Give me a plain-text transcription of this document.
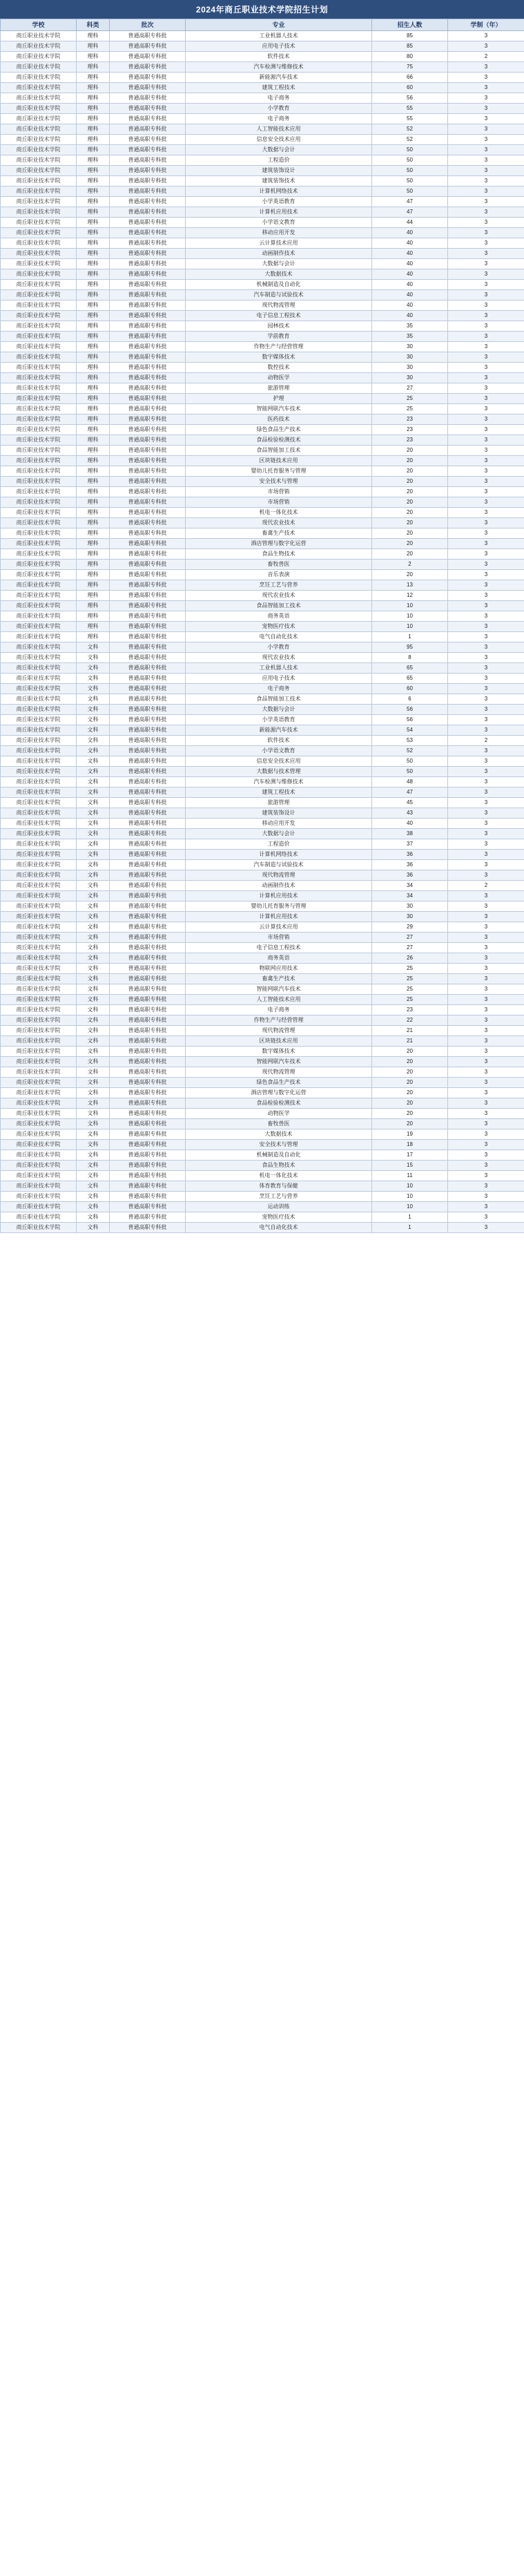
2024年商丘职业技术学院招生计划
学校	科类	批次	专业	招生人数	学制（年）
商丘职业技术学院	理科	普通高职专科批	工业机器人技术	85	3
商丘职业技术学院	理科	普通高职专科批	应用电子技术	85	3
商丘职业技术学院	理科	普通高职专科批	软件技术	80	2
商丘职业技术学院	理科	普通高职专科批	汽车检测与维修技术	75	3
商丘职业技术学院	理科	普通高职专科批	新能源汽车技术	66	3
商丘职业技术学院	理科	普通高职专科批	建筑工程技术	60	3
商丘职业技术学院	理科	普通高职专科批	电子商务	56	3
商丘职业技术学院	理科	普通高职专科批	小学教育	55	3
商丘职业技术学院	理科	普通高职专科批	电子商务	55	3
商丘职业技术学院	理科	普通高职专科批	人工智能技术应用	52	3
商丘职业技术学院	理科	普通高职专科批	信息安全技术应用	52	3
商丘职业技术学院	理科	普通高职专科批	大数据与会计	50	3
商丘职业技术学院	理科	普通高职专科批	工程造价	50	3
商丘职业技术学院	理科	普通高职专科批	建筑装饰设计	50	3
商丘职业技术学院	理科	普通高职专科批	建筑装饰技术	50	3
商丘职业技术学院	理科	普通高职专科批	计算机网络技术	50	3
商丘职业技术学院	理科	普通高职专科批	小学英语教育	47	3
商丘职业技术学院	理科	普通高职专科批	计算机应用技术	47	3
商丘职业技术学院	理科	普通高职专科批	小学语文教育	44	3
商丘职业技术学院	理科	普通高职专科批	移动应用开发	40	3
商丘职业技术学院	理科	普通高职专科批	云计算技术应用	40	3
商丘职业技术学院	理科	普通高职专科批	动画制作技术	40	3
商丘职业技术学院	理科	普通高职专科批	大数据与会计	40	3
商丘职业技术学院	理科	普通高职专科批	大数据技术	40	3
商丘职业技术学院	理科	普通高职专科批	机械制造及自动化	40	3
商丘职业技术学院	理科	普通高职专科批	汽车制造与试验技术	40	3
商丘职业技术学院	理科	普通高职专科批	现代物流管理	40	3
商丘职业技术学院	理科	普通高职专科批	电子信息工程技术	40	3
商丘职业技术学院	理科	普通高职专科批	园林技术	35	3
商丘职业技术学院	理科	普通高职专科批	学前教育	35	3
商丘职业技术学院	理科	普通高职专科批	作物生产与经营管理	30	3
商丘职业技术学院	理科	普通高职专科批	数字媒体技术	30	3
商丘职业技术学院	理科	普通高职专科批	数控技术	30	3
商丘职业技术学院	理科	普通高职专科批	动物医学	30	3
商丘职业技术学院	理科	普通高职专科批	旅游管理	27	3
商丘职业技术学院	理科	普通高职专科批	护理	25	3
商丘职业技术学院	理科	普通高职专科批	智能网联汽车技术	25	3
商丘职业技术学院	理科	普通高职专科批	医药技术	23	3
商丘职业技术学院	理科	普通高职专科批	绿色食品生产技术	23	3
商丘职业技术学院	理科	普通高职专科批	食品检验检测技术	23	3
商丘职业技术学院	理科	普通高职专科批	食品智能加工技术	20	3
商丘职业技术学院	理科	普通高职专科批	区块链技术应用	20	3
商丘职业技术学院	理科	普通高职专科批	婴幼儿托育服务与管理	20	3
商丘职业技术学院	理科	普通高职专科批	安全技术与管理	20	3
商丘职业技术学院	理科	普通高职专科批	市场营销	20	3
商丘职业技术学院	理科	普通高职专科批	市场营销	20	3
商丘职业技术学院	理科	普通高职专科批	机电一体化技术	20	3
商丘职业技术学院	理科	普通高职专科批	现代农业技术	20	3
商丘职业技术学院	理科	普通高职专科批	畜禽生产技术	20	3
商丘职业技术学院	理科	普通高职专科批	酒店管理与数字化运营	20	3
商丘职业技术学院	理科	普通高职专科批	食品生物技术	20	3
商丘职业技术学院	理科	普通高职专科批	畜牧兽医	2	3
商丘职业技术学院	理科	普通高职专科批	音乐表演	20	3
商丘职业技术学院	理科	普通高职专科批	烹饪工艺与营养	13	3
商丘职业技术学院	理科	普通高职专科批	现代农业技术	12	3
商丘职业技术学院	理科	普通高职专科批	食品智能加工技术	10	3
商丘职业技术学院	理科	普通高职专科批	商务英语	10	3
商丘职业技术学院	理科	普通高职专科批	宠物医疗技术	10	3
商丘职业技术学院	理科	普通高职专科批	电气自动化技术	1	3
商丘职业技术学院	文科	普通高职专科批	小学教育	95	3
商丘职业技术学院	文科	普通高职专科批	现代农业技术	8	3
商丘职业技术学院	文科	普通高职专科批	工业机器人技术	65	3
商丘职业技术学院	文科	普通高职专科批	应用电子技术	65	3
商丘职业技术学院	文科	普通高职专科批	电子商务	60	3
商丘职业技术学院	文科	普通高职专科批	食品智能加工技术	6	3
商丘职业技术学院	文科	普通高职专科批	大数据与会计	56	3
商丘职业技术学院	文科	普通高职专科批	小学英语教育	56	3
商丘职业技术学院	文科	普通高职专科批	新能源汽车技术	54	3
商丘职业技术学院	文科	普通高职专科批	软件技术	53	2
商丘职业技术学院	文科	普通高职专科批	小学语文教育	52	3
商丘职业技术学院	文科	普通高职专科批	信息安全技术应用	50	3
商丘职业技术学院	文科	普通高职专科批	大数据与技术管理	50	3
商丘职业技术学院	文科	普通高职专科批	汽车检测与维修技术	48	3
商丘职业技术学院	文科	普通高职专科批	建筑工程技术	47	3
商丘职业技术学院	文科	普通高职专科批	旅游管理	45	3
商丘职业技术学院	文科	普通高职专科批	建筑装饰设计	43	3
商丘职业技术学院	文科	普通高职专科批	移动应用开发	40	3
商丘职业技术学院	文科	普通高职专科批	大数据与会计	38	3
商丘职业技术学院	文科	普通高职专科批	工程造价	37	3
商丘职业技术学院	文科	普通高职专科批	计算机网络技术	36	3
商丘职业技术学院	文科	普通高职专科批	汽车制造与试验技术	36	3
商丘职业技术学院	文科	普通高职专科批	现代物流管理	36	3
商丘职业技术学院	文科	普通高职专科批	动画制作技术	34	2
商丘职业技术学院	文科	普通高职专科批	计算机应用技术	34	3
商丘职业技术学院	文科	普通高职专科批	婴幼儿托育服务与管理	30	3
商丘职业技术学院	文科	普通高职专科批	计算机应用技术	30	3
商丘职业技术学院	文科	普通高职专科批	云计算技术应用	29	3
商丘职业技术学院	文科	普通高职专科批	市场营销	27	3
商丘职业技术学院	文科	普通高职专科批	电子信息工程技术	27	3
商丘职业技术学院	文科	普通高职专科批	商务英语	26	3
商丘职业技术学院	文科	普通高职专科批	物联网应用技术	25	3
商丘职业技术学院	文科	普通高职专科批	畜禽生产技术	25	3
商丘职业技术学院	文科	普通高职专科批	智能网联汽车技术	25	3
商丘职业技术学院	文科	普通高职专科批	人工智能技术应用	25	3
商丘职业技术学院	文科	普通高职专科批	电子商务	23	3
商丘职业技术学院	文科	普通高职专科批	作物生产与经营管理	22	3
商丘职业技术学院	文科	普通高职专科批	现代物流管理	21	3
商丘职业技术学院	文科	普通高职专科批	区块链技术应用	21	3
商丘职业技术学院	文科	普通高职专科批	数字媒体技术	20	3
商丘职业技术学院	文科	普通高职专科批	智能网联汽车技术	20	3
商丘职业技术学院	文科	普通高职专科批	现代物流管理	20	3
商丘职业技术学院	文科	普通高职专科批	绿色食品生产技术	20	3
商丘职业技术学院	文科	普通高职专科批	酒店管理与数字化运营	20	3
商丘职业技术学院	文科	普通高职专科批	食品检验检测技术	20	3
商丘职业技术学院	文科	普通高职专科批	动物医学	20	3
商丘职业技术学院	文科	普通高职专科批	畜牧兽医	20	3
商丘职业技术学院	文科	普通高职专科批	大数据技术	19	3
商丘职业技术学院	文科	普通高职专科批	安全技术与管理	18	3
商丘职业技术学院	文科	普通高职专科批	机械制造及自动化	17	3
商丘职业技术学院	文科	普通高职专科批	食品生物技术	15	3
商丘职业技术学院	文科	普通高职专科批	机电一体化技术	11	3
商丘职业技术学院	文科	普通高职专科批	体育教育与保健	10	3
商丘职业技术学院	文科	普通高职专科批	烹饪工艺与营养	10	3
商丘职业技术学院	文科	普通高职专科批	运动训练	10	3
商丘职业技术学院	文科	普通高职专科批	宠物医疗技术	1	3
商丘职业技术学院	文科	普通高职专科批	电气自动化技术	1	3
